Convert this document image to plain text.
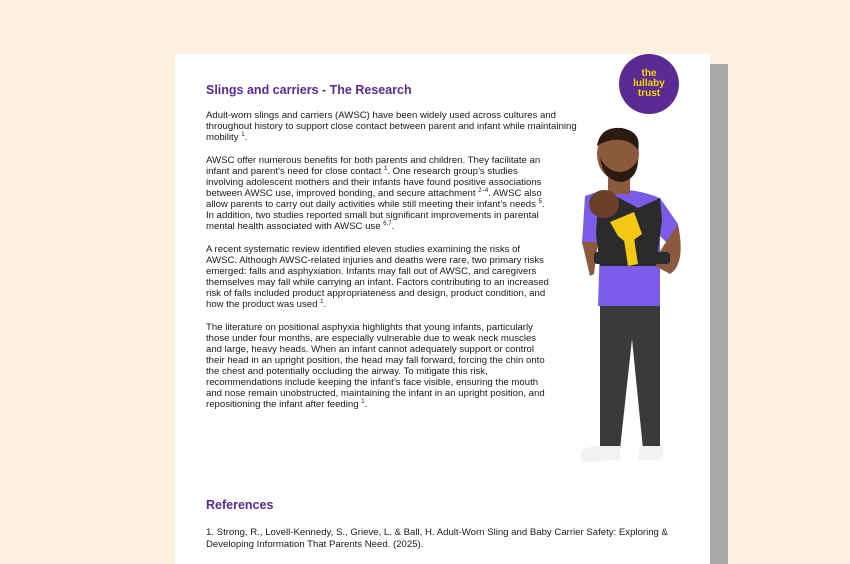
Slings and carriers - The Research
the
lullaby
trust

Adult-worn slings and carriers (AWSC) have been widely used across cultures and throughout history to support close contact between parent and infant while maintaining mobility $^1$.

AWSC offer numerous benefits for both parents and children. They facilitate an infant and parent’s need for close contact $^1$. One research group’s studies involving adolescent mothers and their infants have found positive associations between AWSC use, improved bonding, and secure attachment $^{2-4}$. AWSC also allow parents to carry out daily activities while still meeting their infant’s needs $^5$. In addition, two studies reported small but significant improvements in parental mental health associated with AWSC use $^{6,7}$.

A recent systematic review identified eleven studies examining the risks of AWSC. Although AWSC-related injuries and deaths were rare, two primary risks emerged: falls and asphyxiation. Infants may fall out of AWSC, and caregivers themselves may fall while carrying an infant. Factors contributing to an increased risk of falls included product appropriateness and design, product condition, and how the product was used $^1$.

The literature on positional asphyxia highlights that young infants, particularly those under four months, are especially vulnerable due to weak neck muscles and large, heavy heads. When an infant cannot adequately support or control their head in an upright position, the head may fall forward, forcing the chin onto the chest and potentially occluding the airway. To mitigate this risk, recommendations include keeping the infant’s face visible, ensuring the mouth and nose remain unobstructed, maintaining the infant in an upright position, and repositioning the infant after feeding $^1$.

References
1. Strong, R., Lovell-Kennedy, S., Grieve, L. & Ball, H. Adult-Worn Sling and Baby Carrier Safety: Exploring & Developing Information That Parents Need. (2025).
